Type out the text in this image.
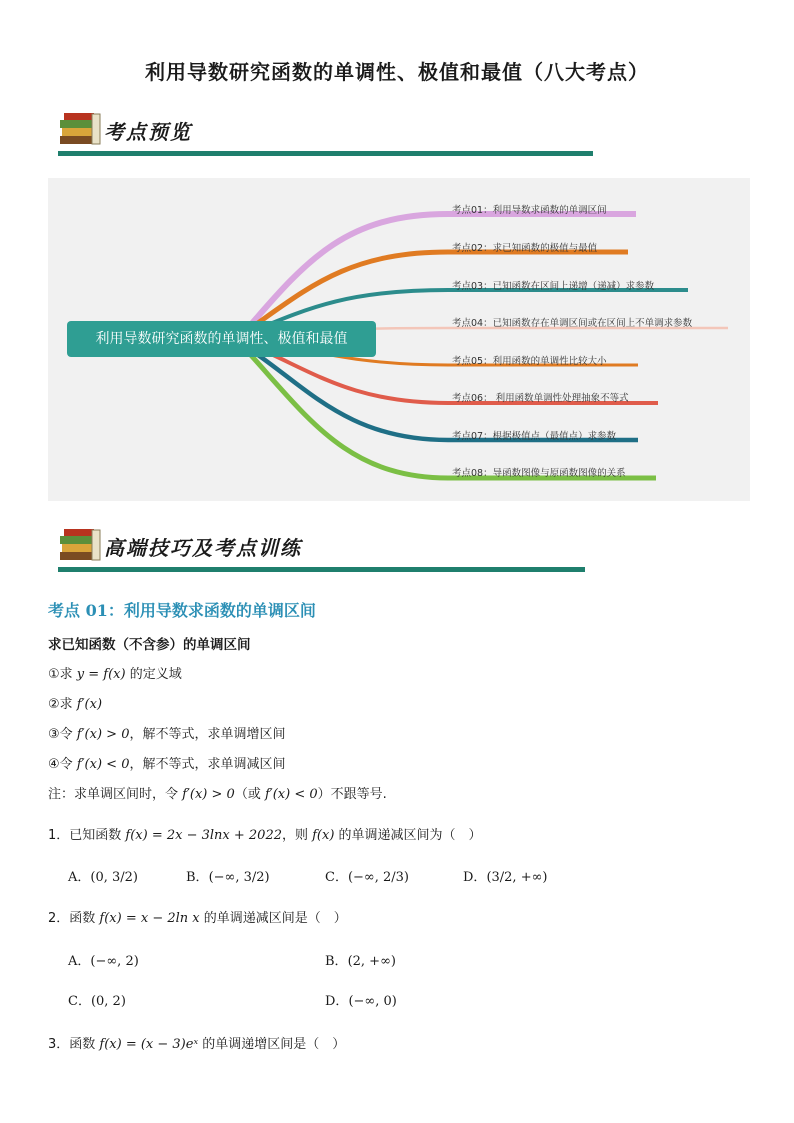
利用导数研究函数的单调性、极值和最值（八大考点）
考点预览
利用导数研究函数的单调性、极值和最值
考点01：利用导数求函数的单调区间
考点02：求已知函数的极值与最值
考点03：已知函数在区间上递增（递减）求参数
考点04：已知函数存在单调区间或在区间上不单调求参数
考点05：利用函数的单调性比较大小
考点06： 利用函数单调性处理抽象不等式
考点07：根据极值点（最值点）求参数
考点08：导函数图像与原函数图像的关系
高端技巧及考点训练
考点 01：利用导数求函数的单调区间
求已知函数（不含参）的单调区间
①求 y = f(x) 的定义域
②求 f′(x)
③令 f′(x) > 0，解不等式，求单调增区间
④令 f′(x) < 0，解不等式，求单调减区间
注：求单调区间时，令 f′(x) > 0（或 f′(x) < 0）不跟等号.
1．已知函数 f(x) = 2x − 3lnx + 2022，则 f(x) 的单调递减区间为（　）
A．(0, 3/2)	B．(−∞, 3/2)	C．(−∞, 2/3)	D．(3/2, +∞)
2．函数 f(x) = x − 2ln x 的单调递减区间是（　）
A．(−∞, 2)	B．(2, +∞)
C．(0, 2)	D．(−∞, 0)
3．函数 f(x) = (x − 3)eˣ 的单调递增区间是（　）
